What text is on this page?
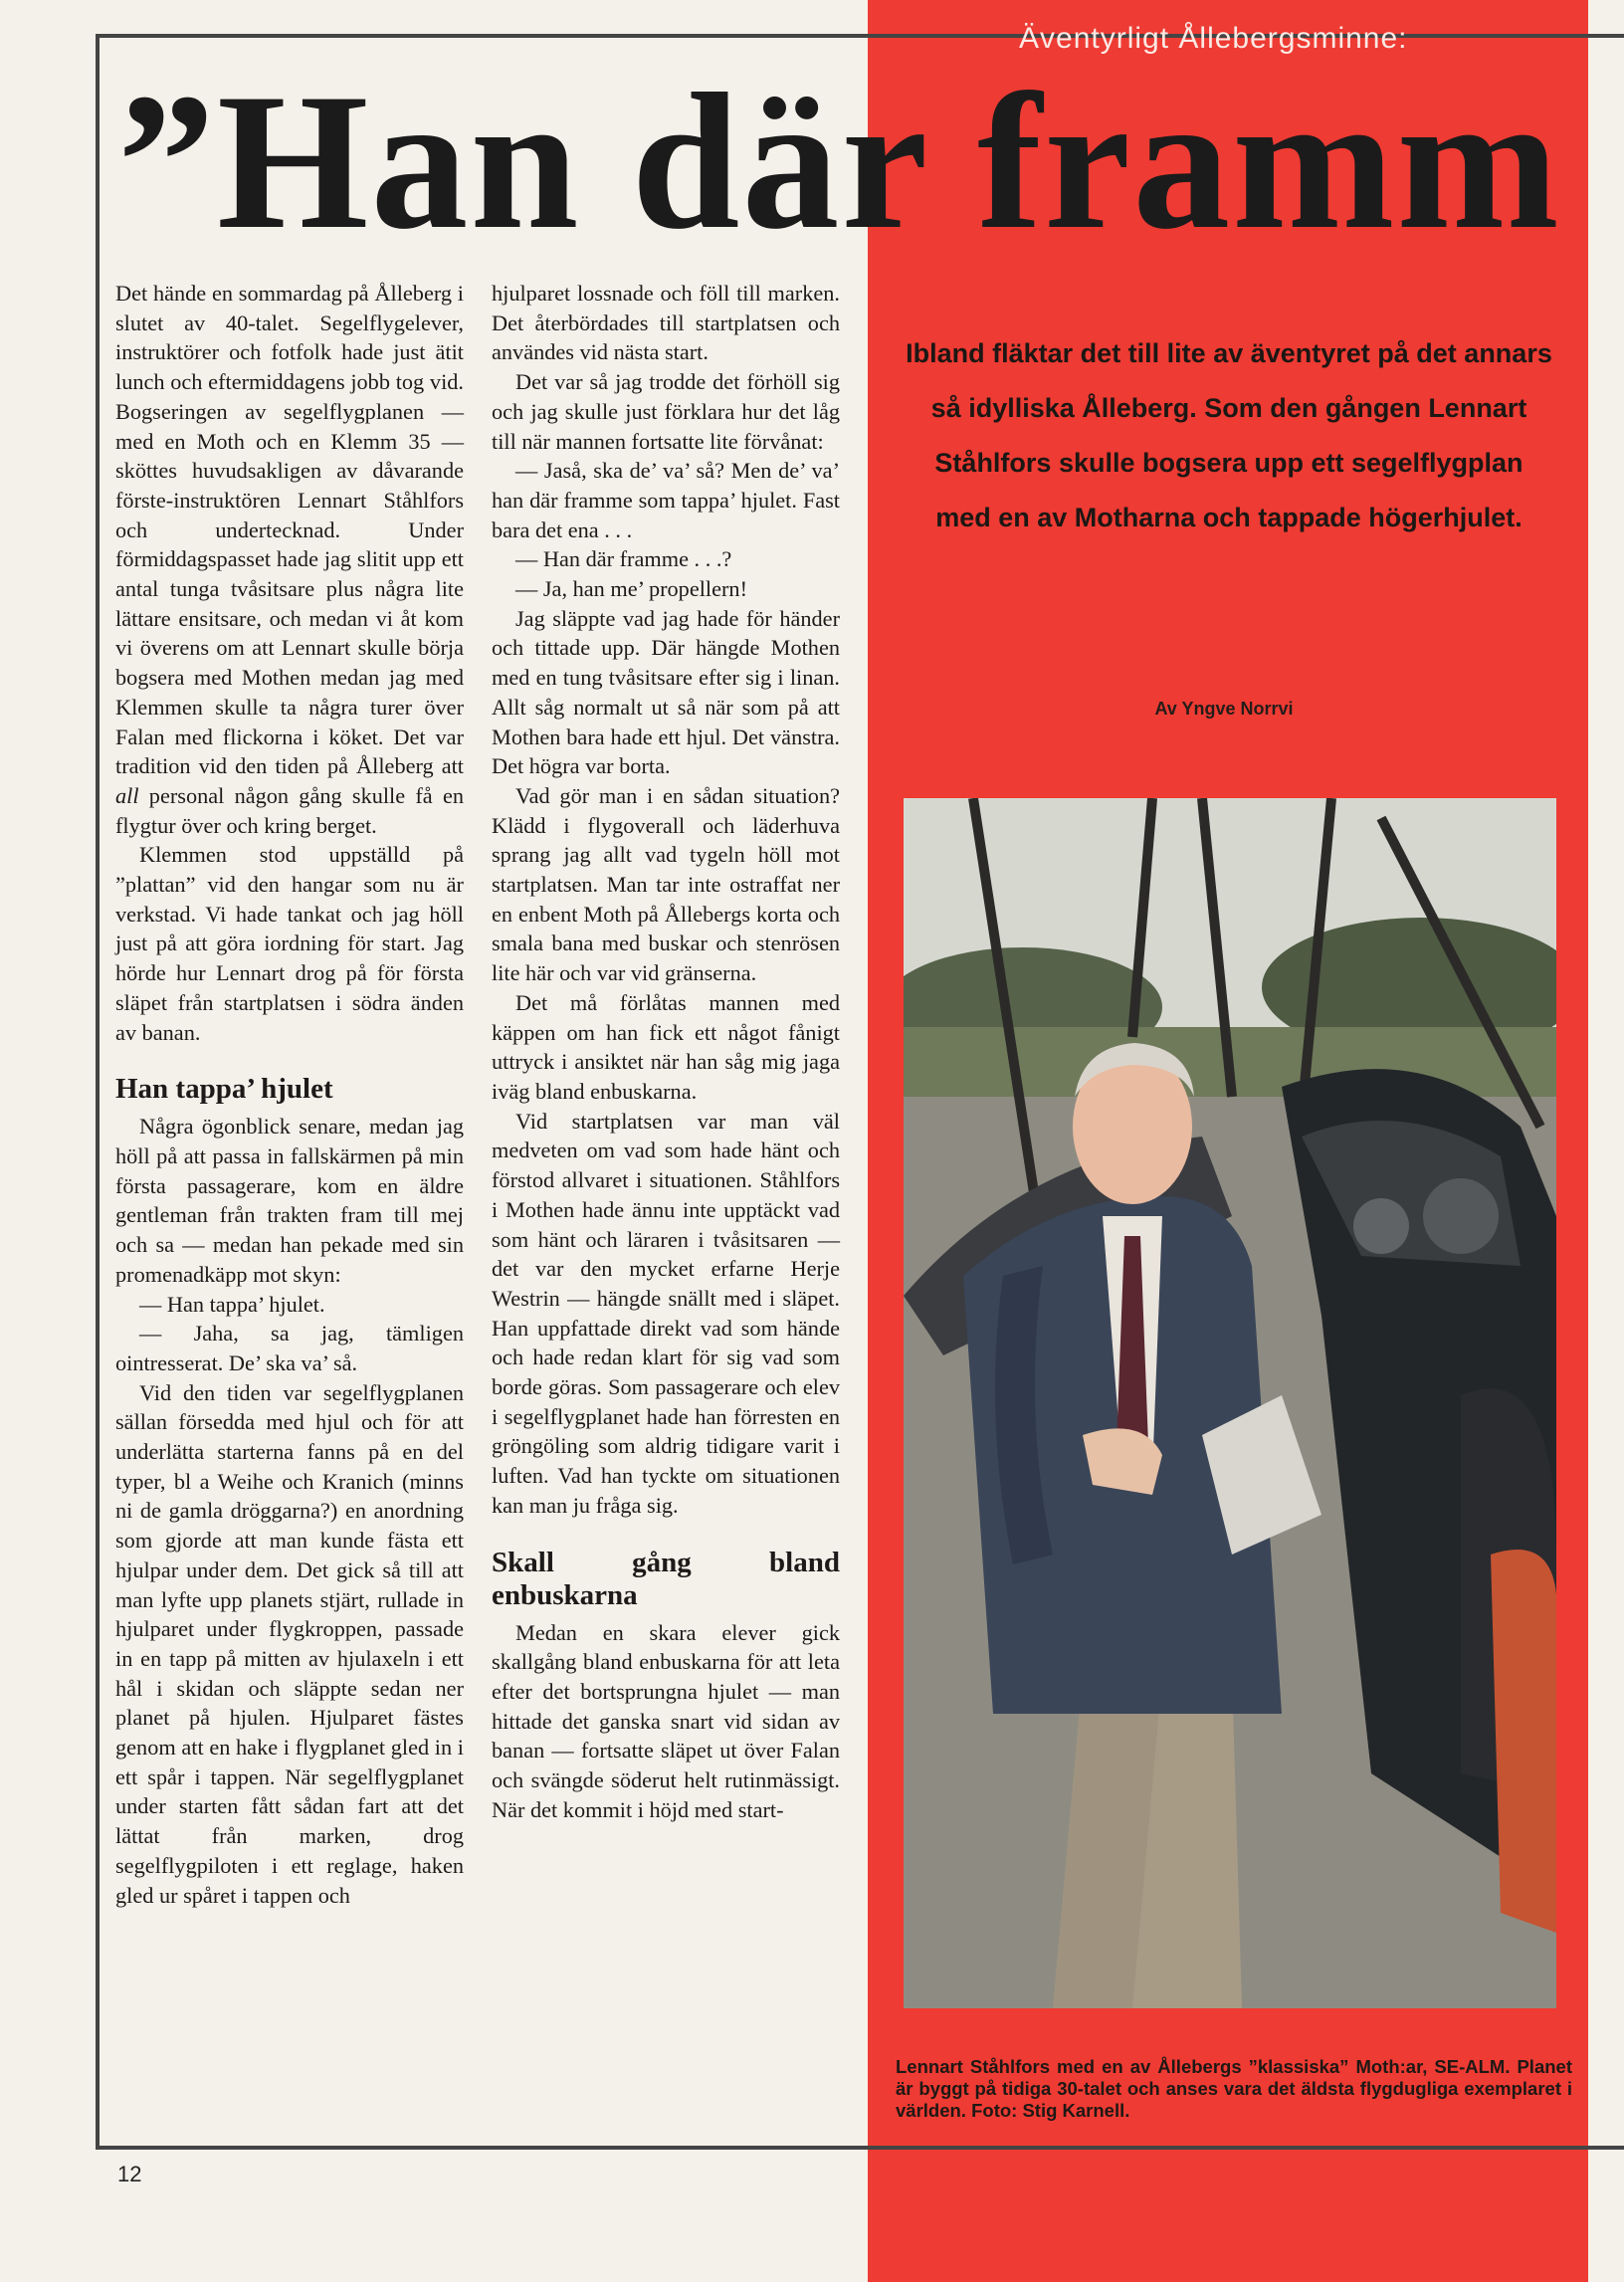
Äventyrligt Ållebergsminne:
”Han där framm

Det hände en sommardag på Ålleberg i slutet av 40-talet. Segelflygelever, instruktörer och fotfolk hade just ätit lunch och eftermiddagens jobb tog vid. Bogseringen av segelflygplanen — med en Moth och en Klemm 35 — sköttes huvudsakligen av dåvarande förste-instruktören Lennart Ståhlfors och undertecknad. Under förmiddagspasset hade jag slitit upp ett antal tunga tvåsitsare plus några lite lättare ensitsare, och medan vi åt kom vi överens om att Lennart skulle börja bogsera med Mothen medan jag med Klemmen skulle ta några turer över Falan med flickorna i köket. Det var tradition vid den tiden på Ålleberg att all personal någon gång skulle få en flygtur över och kring berget.

Klemmen stod uppställd på ”plattan” vid den hangar som nu är verkstad. Vi hade tankat och jag höll just på att göra iordning för start. Jag hörde hur Lennart drog på för första släpet från startplatsen i södra änden av banan.

Han tappa’ hjulet

Några ögonblick senare, medan jag höll på att passa in fallskärmen på min första passagerare, kom en äldre gentleman från trakten fram till mej och sa — medan han pekade med sin promenadkäpp mot skyn:

— Han tappa’ hjulet.

— Jaha, sa jag, tämligen ointresserat. De’ ska va’ så.

Vid den tiden var segelflygplanen sällan försedda med hjul och för att underlätta starterna fanns på en del typer, bl a Weihe och Kranich (minns ni de gamla dröggarna?) en anordning som gjorde att man kunde fästa ett hjulpar under dem. Det gick så till att man lyfte upp planets stjärt, rullade in hjulparet under flygkroppen, passade in en tapp på mitten av hjulaxeln i ett hål i skidan och släppte sedan ner planet på hjulen. Hjulparet fästes genom att en hake i flygplanet gled in i ett spår i tappen. När segelflygplanet under starten fått sådan fart att det lättat från marken, drog segelflygpiloten i ett reglage, haken gled ur spåret i tappen och

hjulparet lossnade och föll till marken. Det återbördades till startplatsen och användes vid nästa start.

Det var så jag trodde det förhöll sig och jag skulle just förklara hur det låg till när mannen fortsatte lite förvånat:

— Jaså, ska de’ va’ så? Men de’ va’ han där framme som tappa’ hjulet. Fast bara det ena . . .

— Han där framme . . .?

— Ja, han me’ propellern!

Jag släppte vad jag hade för händer och tittade upp. Där hängde Mothen med en tung tvåsitsare efter sig i linan. Allt såg normalt ut så när som på att Mothen bara hade ett hjul. Det vänstra. Det högra var borta.

Vad gör man i en sådan situation? Klädd i flygoverall och läderhuva sprang jag allt vad tygeln höll mot startplatsen. Man tar inte ostraffat ner en enbent Moth på Ållebergs korta och smala bana med buskar och stenrösen lite här och var vid gränserna.

Det må förlåtas mannen med käppen om han fick ett något fånigt uttryck i ansiktet när han såg mig jaga iväg bland enbuskarna.

Vid startplatsen var man väl medveten om vad som hade hänt och förstod allvaret i situationen. Ståhlfors i Mothen hade ännu inte upptäckt vad som hänt och läraren i tvåsitsaren — det var den mycket erfarne Herje Westrin — hängde snällt med i släpet. Han uppfattade direkt vad som hände och hade redan klart för sig vad som borde göras. Som passagerare och elev i segelflygplanet hade han förresten en gröngöling som aldrig tidigare varit i luften. Vad han tyckte om situationen kan man ju fråga sig.

Skall gång bland enbuskarna

Medan en skara elever gick skallgång bland enbuskarna för att leta efter det bortsprungna hjulet — man hittade det ganska snart vid sidan av banan — fortsatte släpet ut över Falan och svängde söderut helt rutinmässigt. När det kommit i höjd med start-

Ibland fläktar det till lite av äventyret på det annars så idylliska Ålleberg. Som den gången Lennart Ståhlfors skulle bogsera upp ett segelflygplan med en av Motharna och tappade högerhjulet.
Av Yngve Norrvi
Lennart Ståhlfors med en av Ållebergs ”klassiska” Moth:ar, SE-ALM. Planet är byggt på tidiga 30-talet och anses vara det äldsta flygdugliga exemplaret i världen. Foto: Stig Karnell.
12
